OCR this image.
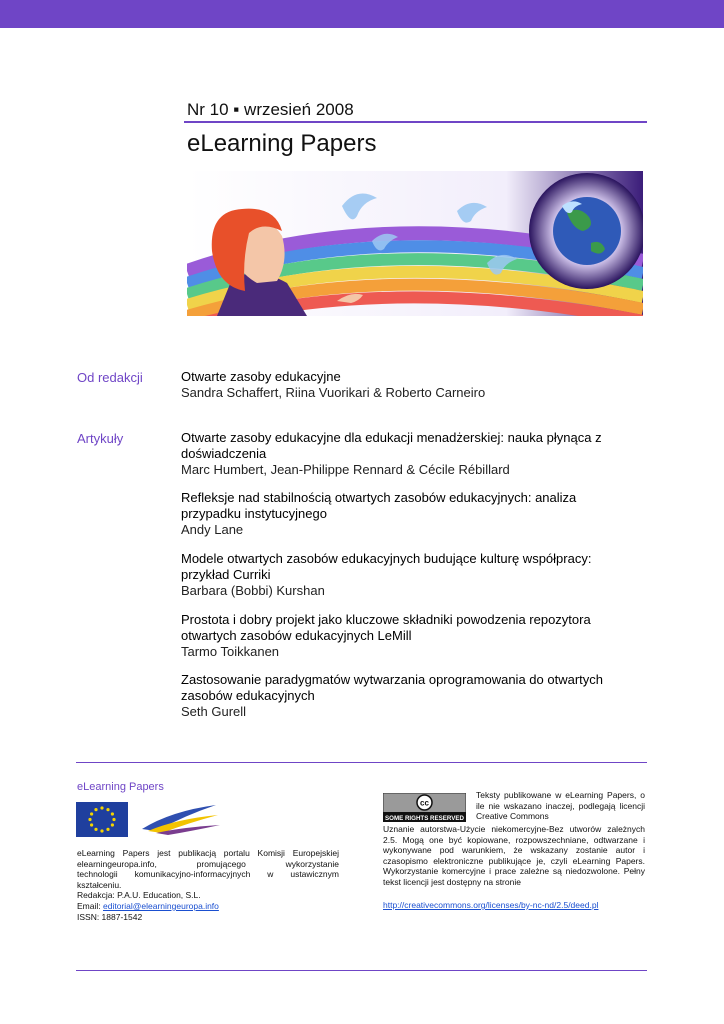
Nr 10 ▪ wrzesień 2008
eLearning Papers
Od redakcji	Otwarte zasoby edukacyjne
Sandra Schaffert, Riina Vuorikari & Roberto Carneiro
Artykuły	Otwarte zasoby edukacyjne dla edukacji menadżerskiej: nauka płynąca z
doświadczenia
Marc Humbert, Jean-Philippe Rennard & Cécile Rébillard
Refleksje nad stabilnością otwartych zasobów edukacyjnych: analiza
przypadku instytucyjnego
Andy Lane
Modele otwartych zasobów edukacyjnych budujące kulturę współpracy:
przykład Curriki
Barbara (Bobbi) Kurshan
Prostota i dobry projekt jako kluczowe składniki powodzenia repozytora
otwartych zasobów edukacyjnych LeMill
Tarmo Toikkanen
Zastosowanie paradygmatów wytwarzania oprogramowania do otwartych
zasobów edukacyjnych
Seth Gurell
eLearning Papers
eLearning Papers jest publikacją portalu Komisji Europejskiej
elearningeuropa.info, promującego wykorzystanie
technologii komunikacyjno-informacyjnych w ustawicznym
kształceniu.
Redakcja: P.A.U. Education, S.L.
Email: editorial@elearningeuropa.info
ISSN: 1887-1542
cc
SOME RIGHTS RESERVED
Teksty publikowane w eLearning Papers, o ile nie wskazano inaczej, podlegają licencji Creative Commons
Uznanie autorstwa-Użycie niekomercyjne-Bez utworów zależnych 2.5. Mogą one być kopiowane, rozpowszechniane, odtwarzane i wykonywane pod warunkiem, że wskazany zostanie autor i czasopismo elektroniczne publikujące je, czyli eLearning Papers. Wykorzystanie komercyjne i prace zależne są niedozwolone. Pełny tekst licencji jest dostępny na stronie
http://creativecommons.org/licenses/by-nc-nd/2.5/deed.pl
